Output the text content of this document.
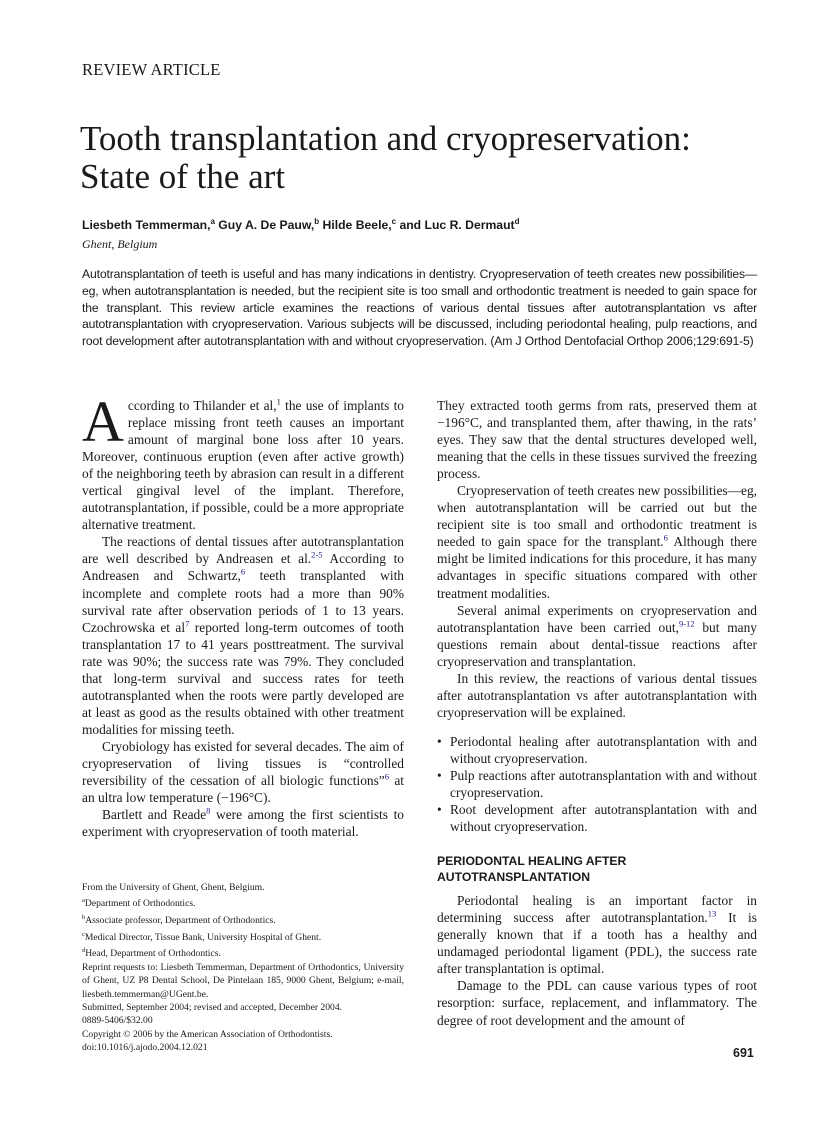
REVIEW ARTICLE
Tooth transplantation and cryopreservation:
State of the art
Liesbeth Temmerman,$^a$ Guy A. De Pauw,$^b$ Hilde Beele,$^c$ and Luc R. Dermaut$^d$
Ghent, Belgium
Autotransplantation of teeth is useful and has many indications in dentistry. Cryopreservation of teeth creates new possibilities—eg, when autotransplantation is needed, but the recipient site is too small and orthodontic treatment is needed to gain space for the transplant. This review article examines the reactions of various dental tissues after autotransplantation vs after autotransplantation with cryopreservation. Various subjects will be discussed, including periodontal healing, pulp reactions, and root development after autotransplantation with and without cryopreservation. (Am J Orthod Dentofacial Orthop 2006;129:691-5)

According to Thilander et al,$^1$ the use of implants to replace missing front teeth causes an important amount of marginal bone loss after 10 years. Moreover, continuous eruption (even after active growth) of the neighboring teeth by abrasion can result in a different vertical gingival level of the implant. Therefore, autotransplantation, if possible, could be a more appropriate alternative treatment.

The reactions of dental tissues after autotransplantation are well described by Andreasen et al.$^{2-5}$ According to Andreasen and Schwartz,$^6$ teeth transplanted with incomplete and complete roots had a more than 90% survival rate after observation periods of 1 to 13 years. Czochrowska et al$^7$ reported long-term outcomes of tooth transplantation 17 to 41 years posttreatment. The survival rate was 90%; the success rate was 79%. They concluded that long-term survival and success rates for teeth autotransplanted when the roots were partly developed are at least as good as the results obtained with other treatment modalities for missing teeth.

Cryobiology has existed for several decades. The aim of cryopreservation of living tissues is “controlled reversibility of the cessation of all biologic functions”$^6$ at an ultra low temperature (−196°C).

Bartlett and Reade$^8$ were among the first scientists to experiment with cryopreservation of tooth material.

From the University of Ghent, Ghent, Belgium.
$^a$Department of Orthodontics.
$^b$Associate professor, Department of Orthodontics.
$^c$Medical Director, Tissue Bank, University Hospital of Ghent.
$^d$Head, Department of Orthodontics.
Reprint requests to: Liesbeth Temmerman, Department of Orthodontics, University of Ghent, UZ P8 Dental School, De Pintelaan 185, 9000 Ghent, Belgium; e-mail, liesbeth.temmerman@UGent.be.
Submitted, September 2004; revised and accepted, December 2004.
0889-5406/$32.00
Copyright © 2006 by the American Association of Orthodontists.
doi:10.1016/j.ajodo.2004.12.021

They extracted tooth germs from rats, preserved them at −196°C, and transplanted them, after thawing, in the rats’ eyes. They saw that the dental structures developed well, meaning that the cells in these tissues survived the freezing process.

Cryopreservation of teeth creates new possibilities—eg, when autotransplantation will be carried out but the recipient site is too small and orthodontic treatment is needed to gain space for the transplant.$^6$ Although there might be limited indications for this procedure, it has many advantages in specific situations compared with other treatment modalities.

Several animal experiments on cryopreservation and autotransplantation have been carried out,$^{9-12}$ but many questions remain about dental-tissue reactions after cryopreservation and transplantation.

In this review, the reactions of various dental tissues after autotransplantation vs after autotransplantation with cryopreservation will be explained.

• Periodontal healing after autotransplantation with and without cryopreservation.
• Pulp reactions after autotransplantation with and without cryopreservation.
• Root development after autotransplantation with and without cryopreservation.
PERIODONTAL HEALING AFTER
AUTOTRANSPLANTATION

Periodontal healing is an important factor in determining success after autotransplantation.$^{13}$ It is generally known that if a tooth has a healthy and undamaged periodontal ligament (PDL), the success rate after transplantation is optimal.

Damage to the PDL can cause various types of root resorption: surface, replacement, and inflammatory. The degree of root development and the amount of

691
